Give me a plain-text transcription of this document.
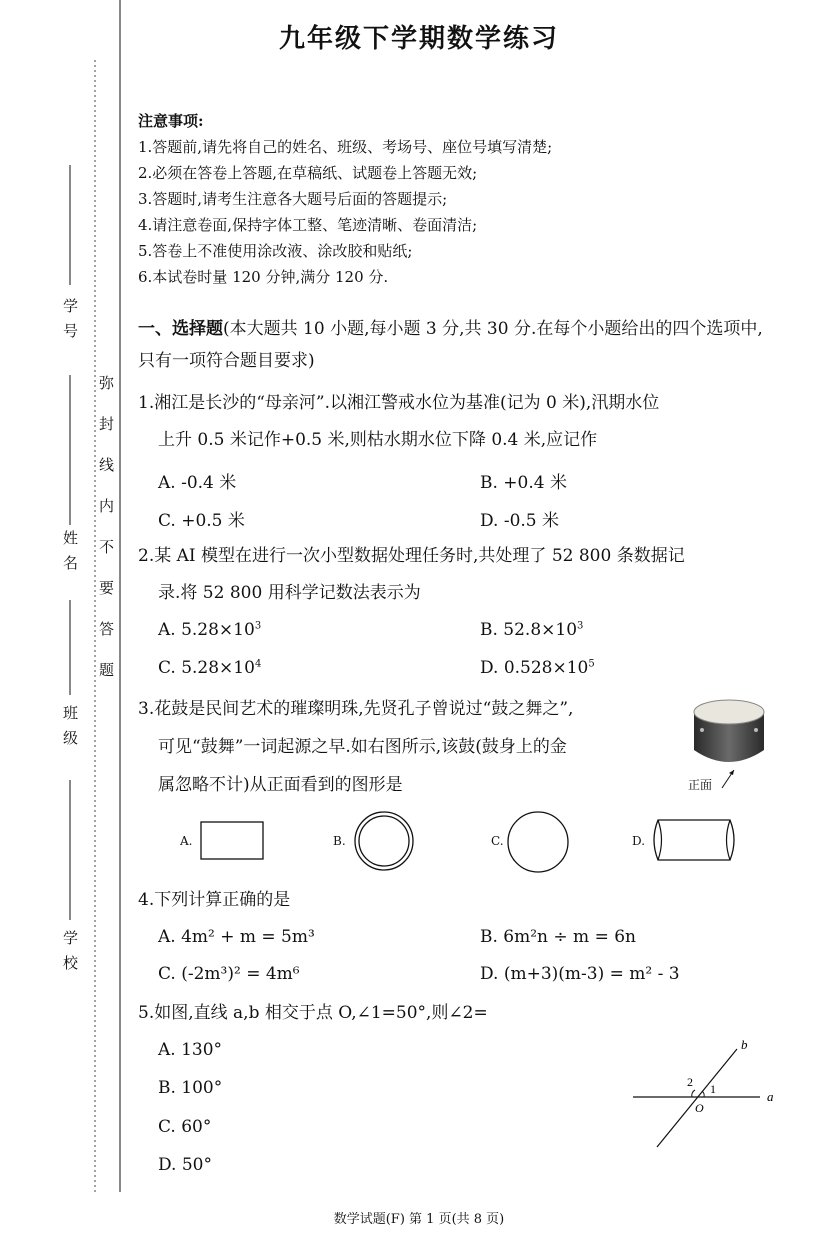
九年级下学期数学练习
学号
姓名
班级
学校
弥封线内不要答题
注意事项:
1.答题前,请先将自己的姓名、班级、考场号、座位号填写清楚;
2.必须在答卷上答题,在草稿纸、试题卷上答题无效;
3.答题时,请考生注意各大题号后面的答题提示;
4.请注意卷面,保持字体工整、笔迹清晰、卷面清洁;
5.答卷上不准使用涂改液、涂改胶和贴纸;
6.本试卷时量 120 分钟,满分 120 分.
一、选择题(本大题共 10 小题,每小题 3 分,共 30 分.在每个小题给出的四个选项中,只有一项符合题目要求)
1.湘江是长沙的“母亲河”.以湘江警戒水位为基准(记为 0 米),汛期水位
上升 0.5 米记作+0.5 米,则枯水期水位下降 0.4 米,应记作
A. -0.4 米	B. +0.4 米
C. +0.5 米	D. -0.5 米
2.某 AI 模型在进行一次小型数据处理任务时,共处理了 52 800 条数据记
录.将 52 800 用科学记数法表示为
A. $5.28\times 10^3$	B. $52.8\times 10^3$
C. $5.28\times 10^4$	D. $0.528\times 10^5$
3.花鼓是民间艺术的璀璨明珠,先贤孔子曾说过“鼓之舞之”,
可见“鼓舞”一词起源之早.如右图所示,该鼓(鼓身上的金
属忽略不计)从正面看到的图形是	正面
A.	B.	C.	D.
4.下列计算正确的是
A. 4m² + m = 5m³	B. 6m²n ÷ m = 6n
C. (-2m³)² = 4m⁶	D. (m+3)(m-3) = m² - 3
5.如图,直线 a,b 相交于点 O,∠1=50°,则∠2=
A. 130°
B. 100°
C. 60°
D. 50°
b
a
1
2
O
数学试题(F) 第 1 页(共 8 页)
